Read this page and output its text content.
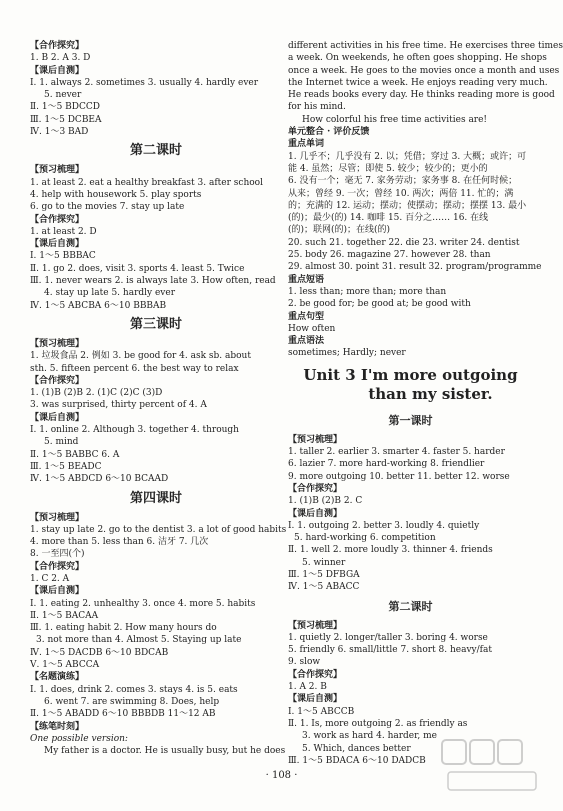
【合作探究】
1. B 2. A 3. D
【课后自测】
Ⅰ. 1. always 2. sometimes 3. usually 4. hardly ever
5. never
Ⅱ. 1～5 BDCCD
Ⅲ. 1～5 DCBEA
Ⅳ. 1～3 BAD
第二课时
【预习梳理】
1. at least 2. eat a healthy breakfast 3. after school
4. help with housework 5. play sports
6. go to the movies 7. stay up late
【合作探究】
1. at least 2. D
【课后自测】
Ⅰ. 1～5 BBBAC
Ⅱ. 1. go 2. does, visit 3. sports 4. least 5. Twice
Ⅲ. 1. never wears 2. is always late 3. How often, read
4. stay up late 5. hardly ever
Ⅳ. 1～5 ABCBA 6～10 BBBAB
第三课时
【预习梳理】
1. 垃圾食品 2. 例如 3. be good for 4. ask sb. about
sth. 5. fifteen percent 6. the best way to relax
【合作探究】
1. (1)B (2)B 2. (1)C (2)C (3)D
3. was surprised, thirty percent of 4. A
【课后自测】
Ⅰ. 1. online 2. Although 3. together 4. through
5. mind
Ⅱ. 1～5 BABBC 6. A
Ⅲ. 1～5 BEADC
Ⅳ. 1～5 ABDCD 6～10 BCAAD
第四课时
【预习梳理】
1. stay up late 2. go to the dentist 3. a lot of good habits
4. more than 5. less than 6. 洁牙 7. 几次
8. 一至四(个)
【合作探究】
1. C 2. A
【课后自测】
Ⅰ. 1. eating 2. unhealthy 3. once 4. more 5. habits
Ⅱ. 1～5 BACAA
Ⅲ. 1. eating habit 2. How many hours do
3. not more than 4. Almost 5. Staying up late
Ⅳ. 1～5 DACDB 6～10 BDCAB
Ⅴ. 1～5 ABCCA
【名题演练】
Ⅰ. 1. does, drink 2. comes 3. stays 4. is 5. eats
6. went 7. are swimming 8. Does, help
Ⅱ. 1～5 ABADD 6～10 BBBDB 11～12 AB
【练笔时刻】
One possible version:
My father is a doctor. He is usually busy, but he does
different activities in his free time. He exercises three times
a week. On weekends, he often goes shopping. He shops
once a week. He goes to the movies once a month and uses
the Internet twice a week. He enjoys reading very much.
He reads books every day. He thinks reading more is good
for his mind.
How colorful his free time activities are!
单元整合 · 评价反馈
重点单词
1. 几乎不；几乎没有 2. 以；凭借；穿过 3. 大概；或许；可
能 4. 虽然；尽管；即使 5. 较少；较少的；更小的
6. 没有一个；毫无 7. 家务劳动；家务事 8. 在任何时候；
从来；曾经 9. 一次；曾经 10. 两次；两倍 11. 忙的；满
的；充满的 12. 运动；摆动；使摆动；摆动；摆摆 13. 最小
(的)；最少(的) 14. 咖啡 15. 百分之…… 16. 在线
(的)；联网(的)；在线(的)
20. such 21. together 22. die 23. writer 24. dentist
25. body 26. magazine 27. however 28. than
29. almost 30. point 31. result 32. program/programme
重点短语
1. less than; more than; more than
2. be good for; be good at; be good with
重点句型
How often
重点语法
sometimes; Hardly; never
Unit 3 I'm more outgoing
than my sister.
第一课时
【预习梳理】
1. taller 2. earlier 3. smarter 4. faster 5. harder
6. lazier 7. more hard-working 8. friendlier
9. more outgoing 10. better 11. better 12. worse
【合作探究】
1. (1)B (2)B 2. C
【课后自测】
Ⅰ. 1. outgoing 2. better 3. loudly 4. quietly
5. hard-working 6. competition
Ⅱ. 1. well 2. more loudly 3. thinner 4. friends
5. winner
Ⅲ. 1～5 DFBGA
Ⅳ. 1～5 ABACC
第二课时
【预习梳理】
1. quietly 2. longer/taller 3. boring 4. worse
5. friendly 6. small/little 7. short 8. heavy/fat
9. slow
【合作探究】
1. A 2. B
【课后自测】
Ⅰ. 1～5 ABCCB
Ⅱ. 1. Is, more outgoing 2. as friendly as
3. work as hard 4. harder, me
5. Which, dances better
Ⅲ. 1～5 BDACA 6～10 DADCB
· 108 ·
